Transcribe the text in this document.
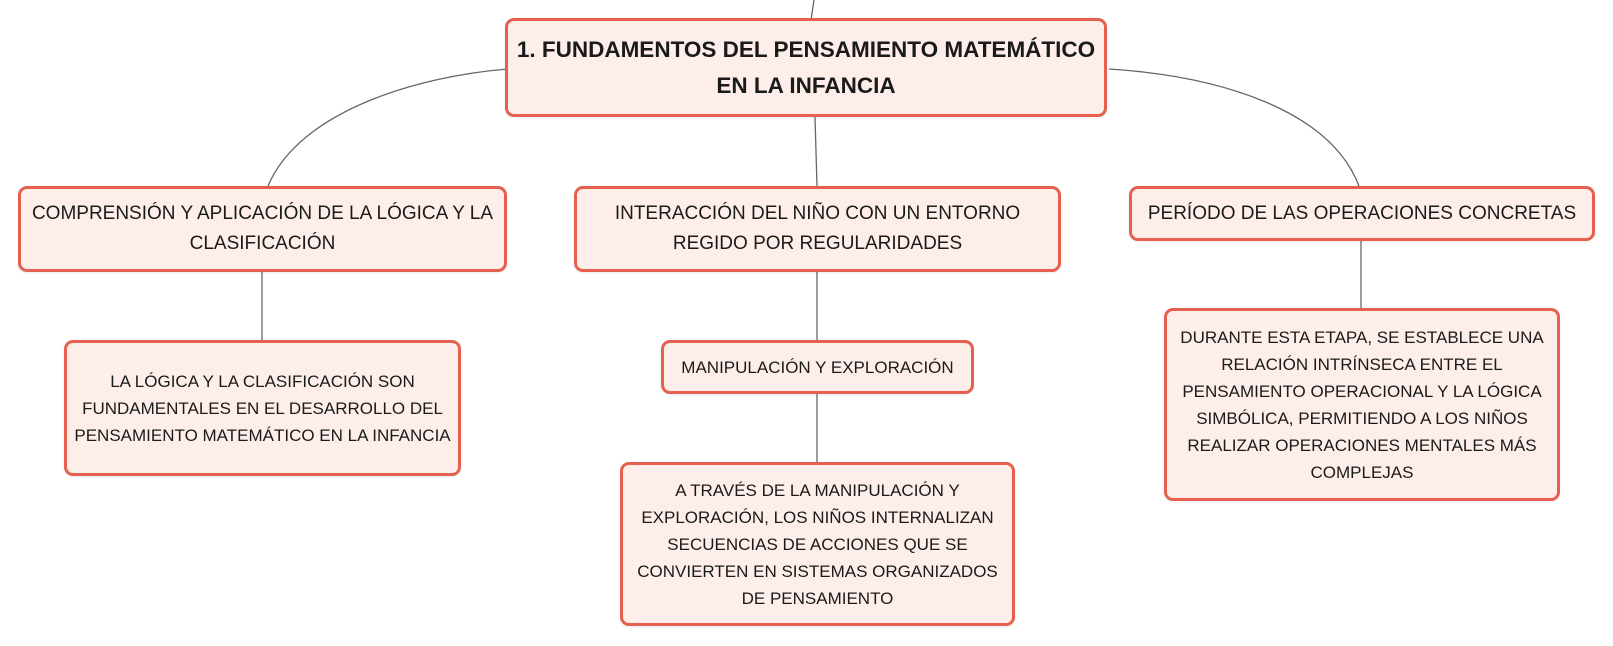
1. FUNDAMENTOS DEL PENSAMIENTO MATEMÁTICO EN LA INFANCIA
COMPRENSIÓN Y APLICACIÓN DE LA LÓGICA Y LA CLASIFICACIÓN
INTERACCIÓN DEL NIÑO CON UN ENTORNO REGIDO POR REGULARIDADES
PERÍODO DE LAS OPERACIONES CONCRETAS
LA LÓGICA Y LA CLASIFICACIÓN SON FUNDAMENTALES EN EL DESARROLLO DEL PENSAMIENTO MATEMÁTICO EN LA INFANCIA
MANIPULACIÓN Y EXPLORACIÓN
A TRAVÉS DE LA MANIPULACIÓN Y EXPLORACIÓN, LOS NIÑOS INTERNALIZAN SECUENCIAS DE ACCIONES QUE SE CONVIERTEN EN SISTEMAS ORGANIZADOS DE PENSAMIENTO
DURANTE ESTA ETAPA, SE ESTABLECE UNA RELACIÓN INTRÍNSECA ENTRE EL PENSAMIENTO OPERACIONAL Y LA LÓGICA SIMBÓLICA, PERMITIENDO A LOS NIÑOS REALIZAR OPERACIONES MENTALES MÁS COMPLEJAS
